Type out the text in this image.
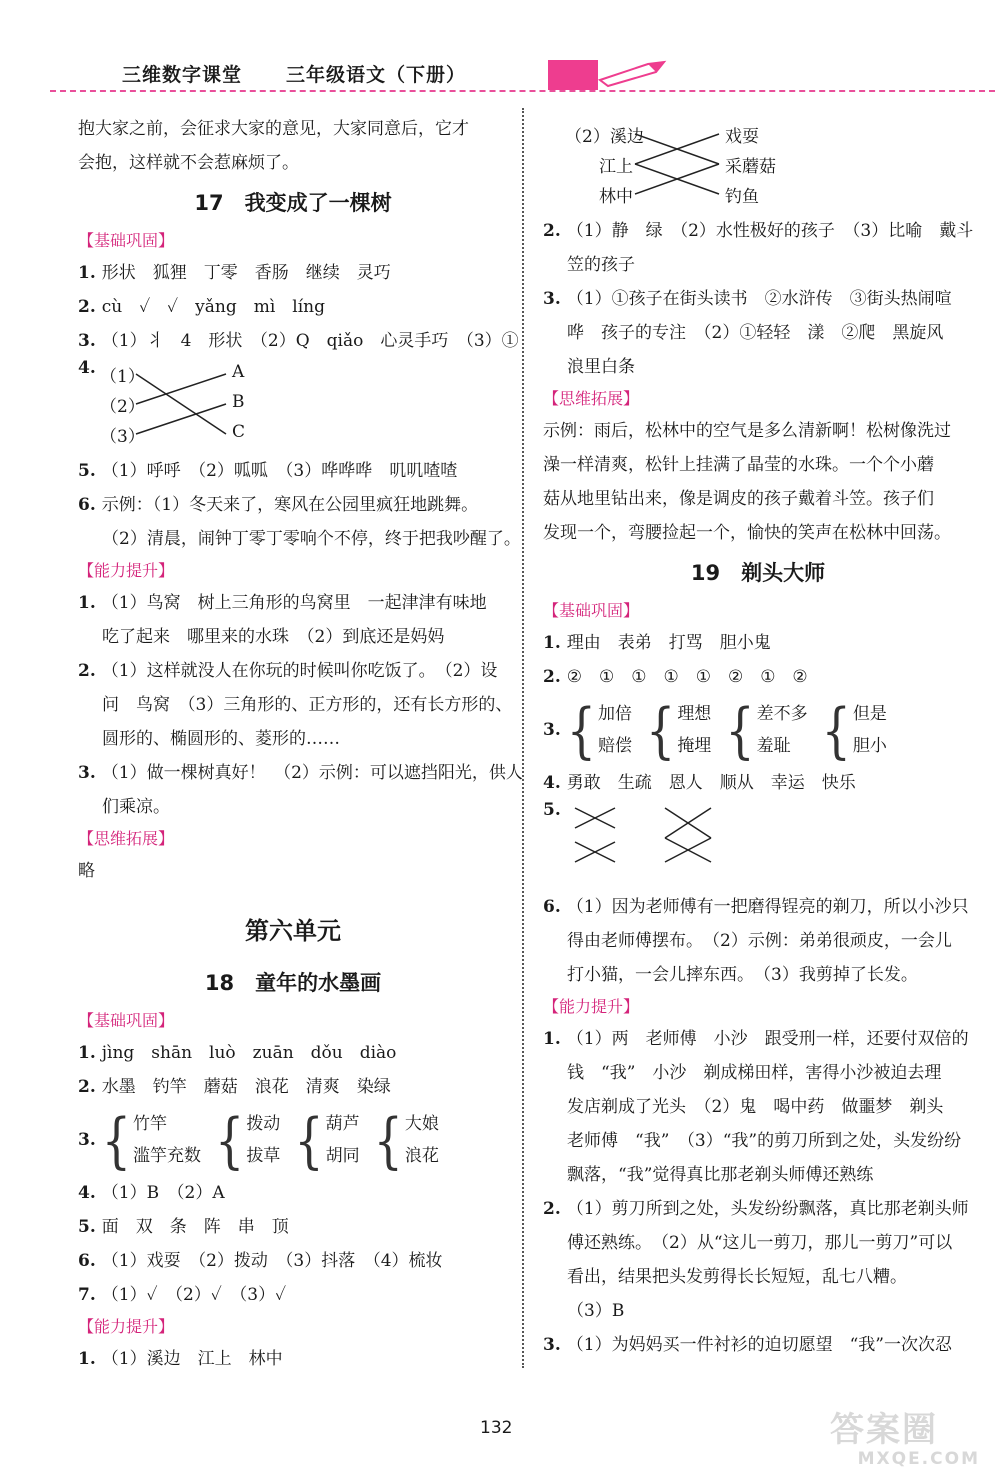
三维数字课堂 三年级语文（下册）
抱大家之前，会征求大家的意见，大家同意后，它才
会抱，这样就不会惹麻烦了。
17　我变成了一棵树
【基础巩固】
1. 形状　狐狸　丁零　香肠　继续　灵巧
2. cù　✓　✓　yǎng　mì　líng
3. （1）丬　4　形状　（2）Q　qiǎo　心灵手巧　（3）①
4. （1）
（2）
（3）
A
B
C
5. （1）呼呼　（2）呱呱　（3）哗哗哗　叽叽喳喳
6. 示例：（1）冬天来了，寒风在公园里疯狂地跳舞。
（2）清晨，闹钟丁零丁零响个不停，终于把我吵醒了。
【能力提升】
1. （1）鸟窝　树上三角形的鸟窝里　一起津津有味地
吃了起来　哪里来的水珠　（2）到底还是妈妈
2. （1）这样就没人在你玩的时候叫你吃饭了。　（2）设
问　鸟窝　（3）三角形的、正方形的，还有长方形的、
圆形的、椭圆形的、菱形的……
3. （1）做一棵树真好！　（2）示例：可以遮挡阳光，供人
们乘凉。
【思维拓展】
略
第六单元
18　童年的水墨画
【基础巩固】
1. jìng　shān　luò　zuān　dǒu　diào
2. 水墨　钓竿　蘑菇　浪花　清爽　染绿
3. { 竹竿
滥竽充数 { 拨动
拔草 { 葫芦
胡同 { 大娘
浪花
4. （1）B　（2）A
5. 面　双　条　阵　串　顶
6. （1）戏耍　（2）拨动　（3）抖落　（4）梳妆
7. （1）✓　（2）✓　（3）✓
【能力提升】
1. （1）溪边　江上　林中
（2）溪边
江上
林中
戏耍
采蘑菇
钓鱼
2. （1）静　绿　（2）水性极好的孩子　（3）比喻　戴斗
笠的孩子
3. （1）①孩子在街头读书　②水浒传　③街头热闹喧
哗　孩子的专注　（2）①轻轻　漾　②爬　黑旋风
浪里白条
【思维拓展】
示例：雨后，松林中的空气是多么清新啊！松树像洗过
澡一样清爽，松针上挂满了晶莹的水珠。一个个小蘑
菇从地里钻出来，像是调皮的孩子戴着斗笠。孩子们
发现一个，弯腰捡起一个，愉快的笑声在松林中回荡。
19　剃头大师
【基础巩固】
1. 理由　表弟　打骂　胆小鬼
2. ②　①　①　①　①　②　①　②
3. { 加倍
赔偿 { 理想
掩埋 { 差不多
羞耻 { 但是
胆小
4. 勇敢　生疏　恩人　顺从　幸运　快乐
5.
6. （1）因为老师傅有一把磨得锃亮的剃刀，所以小沙只
得由老师傅摆布。　（2）示例：弟弟很顽皮，一会儿
打小猫，一会儿摔东西。　（3）我剪掉了长发。
【能力提升】
1. （1）两　老师傅　小沙　跟受刑一样，还要付双倍的
钱　“我”　小沙　剃成梯田样，害得小沙被迫去理
发店剃成了光头　（2）鬼　喝中药　做噩梦　剃头
老师傅　“我”　（3）“我”的剪刀所到之处，头发纷纷
飘落，“我”觉得真比那老剃头师傅还熟练
2. （1）剪刀所到之处，头发纷纷飘落，真比那老剃头师
傅还熟练。　（2）从“这儿一剪刀，那儿一剪刀”可以
看出，结果把头发剪得长长短短，乱七八糟。
（3）B
3. （1）为妈妈买一件衬衫的迫切愿望　“我”一次次忍
132	答案圈
MXQE.COM
